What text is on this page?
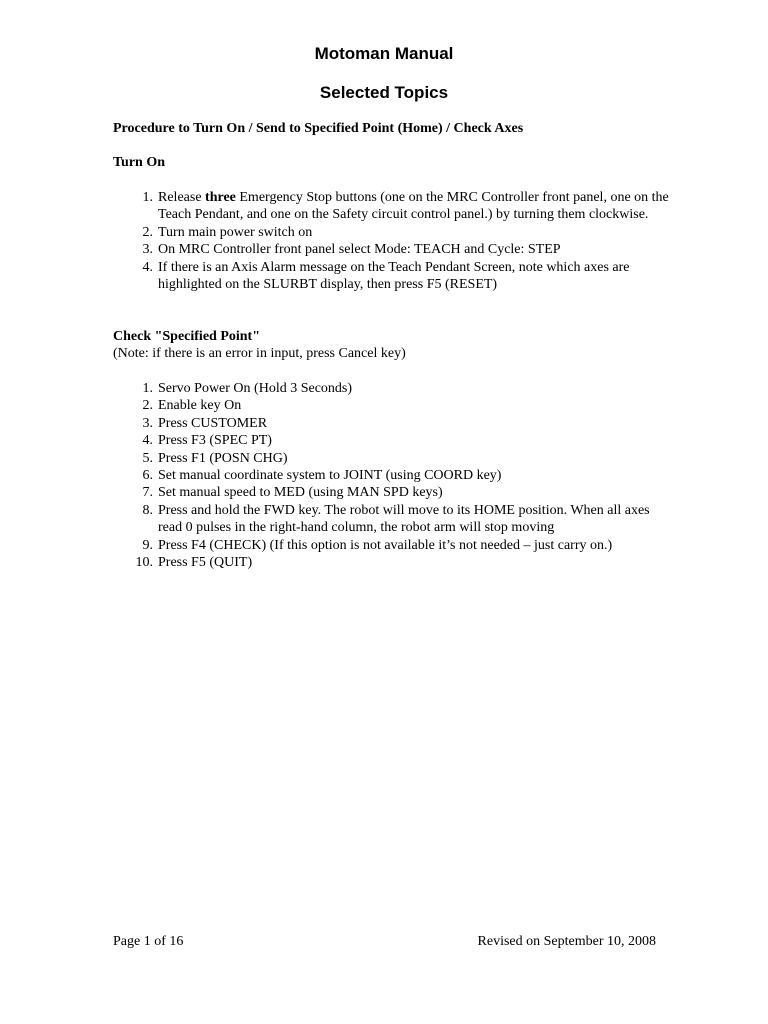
Motoman Manual
Selected Topics

Procedure to Turn On / Send to Specified Point (Home) / Check Axes

Turn On

1. Release three Emergency Stop buttons (one on the MRC Controller front panel, one on the Teach Pendant, and one on the Safety circuit control panel.) by turning them clockwise.
2. Turn main power switch on
3. On MRC Controller front panel select Mode: TEACH and Cycle: STEP
4. If there is an Axis Alarm message on the Teach Pendant Screen, note which axes are highlighted on the SLURBT display, then press F5 (RESET)

Check "Specified Point"

(Note: if there is an error in input, press Cancel key)

1. Servo Power On (Hold 3 Seconds)
2. Enable key On
3. Press CUSTOMER
4. Press F3 (SPEC PT)
5. Press F1 (POSN CHG)
6. Set manual coordinate system to JOINT (using COORD key)
7. Set manual speed to MED (using MAN SPD keys)
8. Press and hold the FWD key. The robot will move to its HOME position. When all axes read 0 pulses in the right-hand column, the robot arm will stop moving
9. Press F4 (CHECK) (If this option is not available it’s not needed – just carry on.)
10. Press F5 (QUIT)

Page 1 of 16	Revised on September 10, 2008
